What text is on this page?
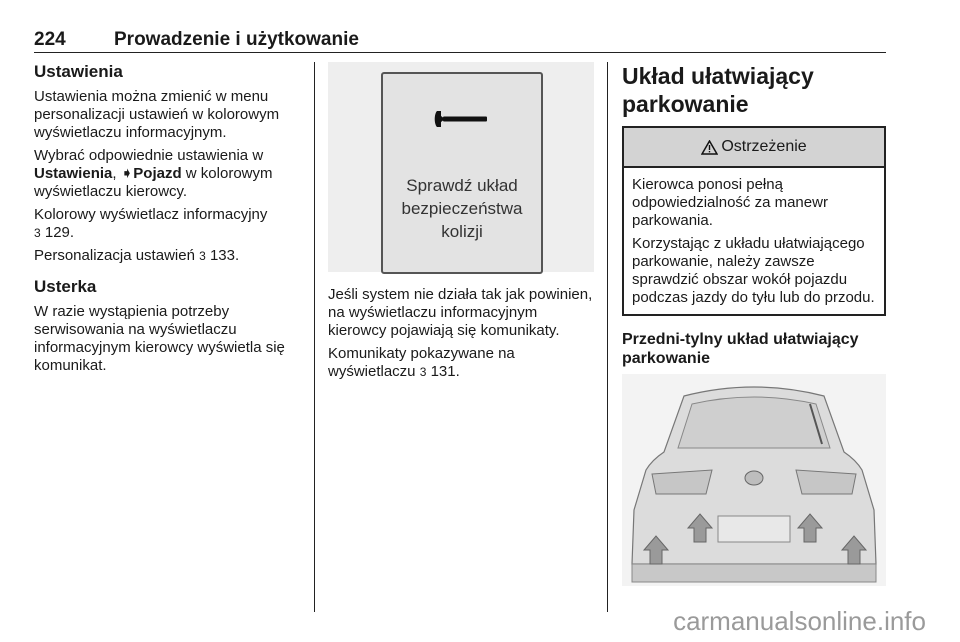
224	Prowadzenie i użytkowanie
Ustawienia

Ustawienia można zmienić w menu personalizacji ustawień w kolorowym wyświetlaczu informacyjnym.

Wybrać odpowiednie ustawienia w
Ustawienia, ➧Pojazd w kolorowym wyświetlaczu kierowcy.

Kolorowy wyświetlacz informacyjny
3 129.

Personalizacja ustawień 3 133.

Usterka

W razie wystąpienia potrzeby serwisowania na wyświetlaczu informacyjnym kierowcy wyświetla się komunikat.

Sprawdź układ
bezpieczeństwa
kolizji

Jeśli system nie działa tak jak powinien, na wyświetlaczu informacyjnym kierowcy pojawiają się komunikaty.

Komunikaty pokazywane na wyświetlaczu 3 131.

Układ ułatwiający
parkowanie
Ostrzeżenie

Kierowca ponosi pełną odpowiedzialność za manewr parkowania.

Korzystając z układu ułatwiającego parkowanie, należy zawsze sprawdzić obszar wokół pojazdu podczas jazdy do tyłu lub do przodu.

Przedni-tylny układ ułatwiający
parkowanie
carmanualsonline.info
